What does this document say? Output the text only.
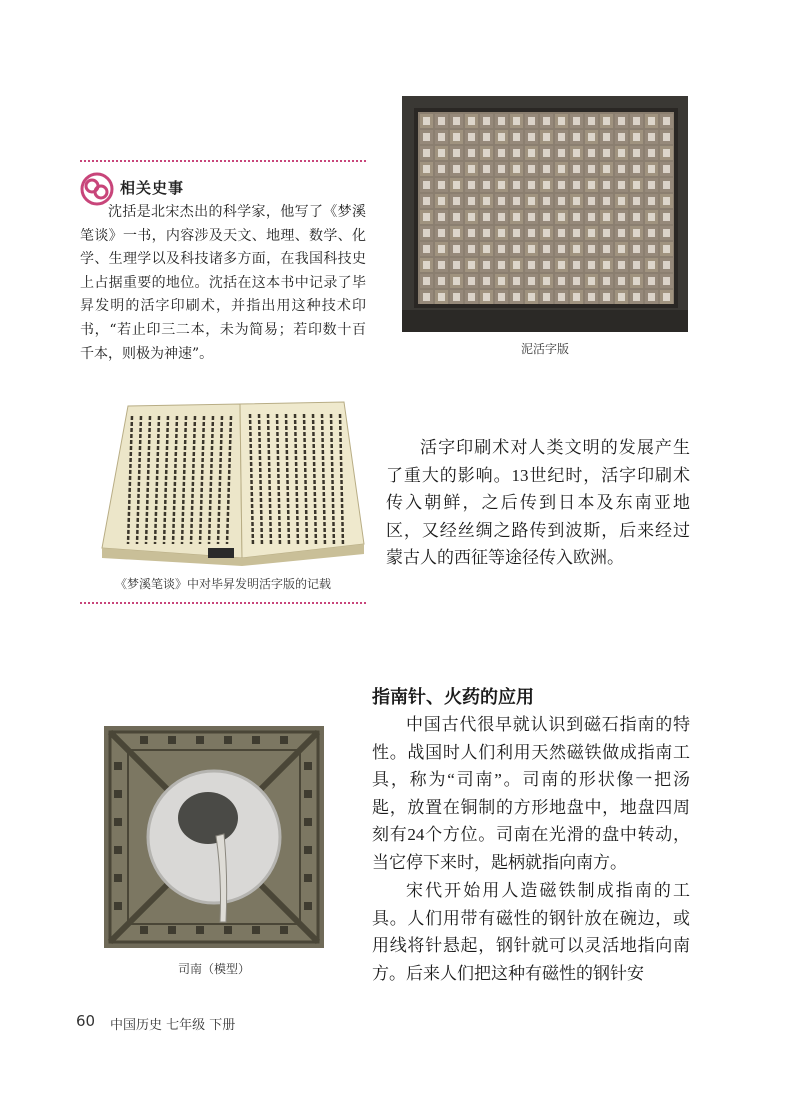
相关史事
沈括是北宋杰出的科学家，他写了《梦溪笔谈》一书，内容涉及天文、地理、数学、化学、生理学以及科技诸多方面，在我国科技史上占据重要的地位。沈括在这本书中记录了毕昇发明的活字印刷术，并指出用这种技术印书，“若止印三二本，未为简易；若印数十百千本，则极为神速”。	泥活字版
《梦溪笔谈》中对毕昇发明活字版的记载
活字印刷术对人类文明的发展产生了重大的影响。13世纪时，活字印刷术传入朝鲜，之后传到日本及东南亚地区，又经丝绸之路传到波斯，后来经过蒙古人的西征等途径传入欧洲。
指南针、火药的应用
中国古代很早就认识到磁石指南的特性。战国时人们利用天然磁铁做成指南工具，称为“司南”。司南的形状像一把汤匙，放置在铜制的方形地盘中，地盘四周刻有24个方位。司南在光滑的盘中转动，当它停下来时，匙柄就指向南方。
宋代开始用人造磁铁制成指南的工具。人们用带有磁性的钢针放在碗边，或用线将针悬起，钢针就可以灵活地指向南方。后来人们把这种有磁性的钢针安
司南（模型）
60 中国历史 七年级 下册
